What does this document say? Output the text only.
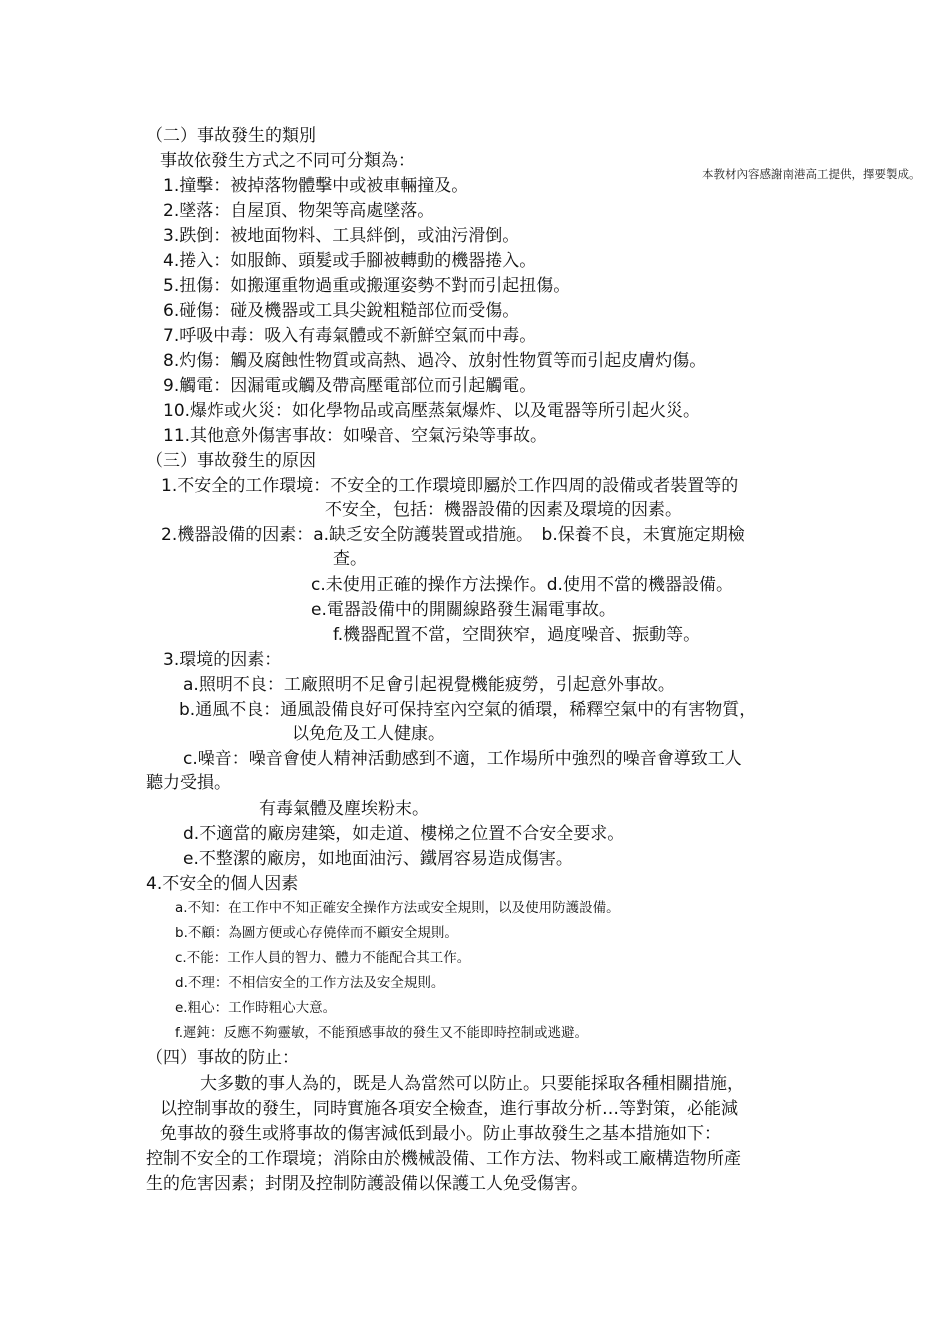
本教材內容感謝南港高工提供，擇要製成。
（二）事故發生的類別
事故依發生方式之不同可分類為：
1.撞擊：被掉落物體擊中或被車輛撞及。
2.墜落：自屋頂、物架等高處墜落。
3.跌倒：被地面物料、工具絆倒，或油污滑倒。
4.捲入：如服飾、頭髮或手腳被轉動的機器捲入。
5.扭傷：如搬運重物過重或搬運姿勢不對而引起扭傷。
6.碰傷：碰及機器或工具尖銳粗糙部位而受傷。
7.呼吸中毒：吸入有毒氣體或不新鮮空氣而中毒。
8.灼傷：觸及腐蝕性物質或高熱、過冷、放射性物質等而引起皮膚灼傷。
9.觸電：因漏電或觸及帶高壓電部位而引起觸電。
10.爆炸或火災：如化學物品或高壓蒸氣爆炸、以及電器等所引起火災。
11.其他意外傷害事故：如噪音、空氣污染等事故。
（三）事故發生的原因
1.不安全的工作環境：不安全的工作環境即屬於工作四周的設備或者裝置等的
不安全，包括：機器設備的因素及環境的因素。
2.機器設備的因素：a.缺乏安全防護裝置或措施。　b.保養不良，未實施定期檢
查。
c.未使用正確的操作方法操作。d.使用不當的機器設備。
e.電器設備中的開關線路發生漏電事故。
f.機器配置不當，空間狹窄，過度噪音、振動等。
3.環境的因素：
a.照明不良：工廠照明不足會引起視覺機能疲勞，引起意外事故。
b.通風不良：通風設備良好可保持室內空氣的循環，稀釋空氣中的有害物質，
以免危及工人健康。
c.噪音：噪音會使人精神活動感到不適，工作場所中強烈的噪音會導致工人
聽力受損。
有毒氣體及塵埃粉末。
d.不適當的廠房建築，如走道、樓梯之位置不合安全要求。
e.不整潔的廠房，如地面油污、鐵屑容易造成傷害。
4.不安全的個人因素
a.不知：在工作中不知正確安全操作方法或安全規則，以及使用防護設備。
b.不顧：為圖方便或心存僥倖而不顧安全規則。
c.不能：工作人員的智力、體力不能配合其工作。
d.不理：不相信安全的工作方法及安全規則。
e.粗心：工作時粗心大意。
f.遲鈍：反應不夠靈敏，不能預感事故的發生又不能即時控制或逃避。
（四）事故的防止：
大多數的事人為的，既是人為當然可以防止。只要能採取各種相關措施，
以控制事故的發生，同時實施各項安全檢查，進行事故分析…等對策，必能減
免事故的發生或將事故的傷害減低到最小。防止事故發生之基本措施如下：
控制不安全的工作環境；消除由於機械設備、工作方法、物料或工廠構造物所產
生的危害因素；封閉及控制防護設備以保護工人免受傷害。
